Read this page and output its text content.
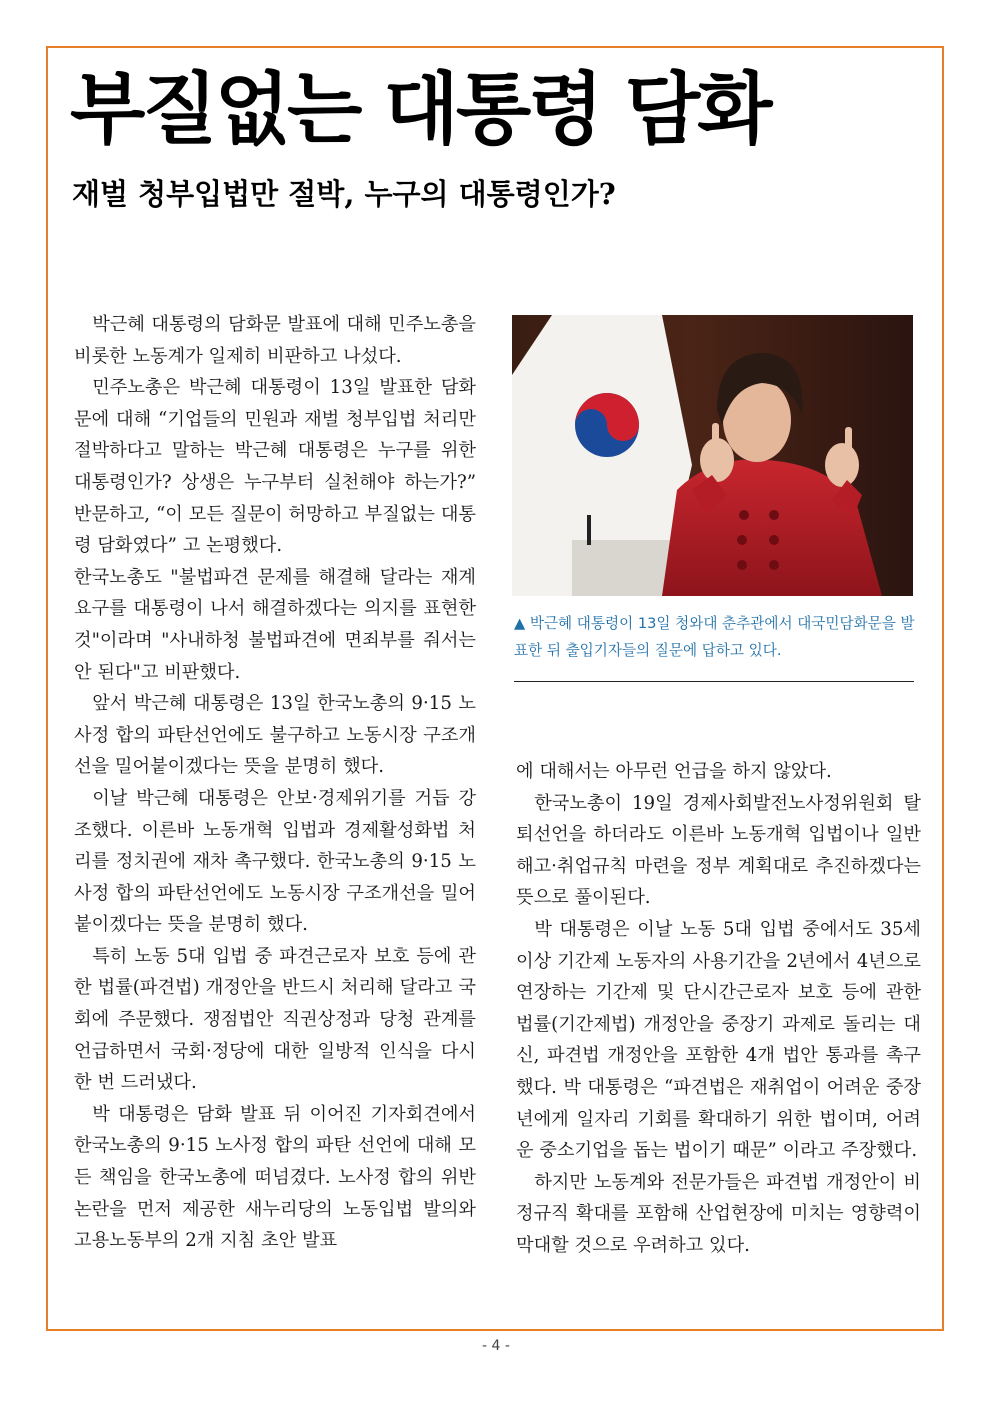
부질없는 대통령 담화
재벌 청부입법만 절박, 누구의 대통령인가?

박근혜 대통령의 담화문 발표에 대해 민주노총을 비롯한 노동계가 일제히 비판하고 나섰다.

민주노총은 박근혜 대통령이 13일 발표한 담화문에 대해 “기업들의 민원과 재벌 청부입법 처리만 절박하다고 말하는 박근혜 대통령은 누구를 위한 대통령인가? 상생은 누구부터 실천해야 하는가?” 반문하고, “이 모든 질문이 허망하고 부질없는 대통령 담화였다” 고 논평했다.

한국노총도 "불법파견 문제를 해결해 달라는 재계 요구를 대통령이 나서 해결하겠다는 의지를 표현한 것"이라며 "사내하청 불법파견에 면죄부를 줘서는 안 된다"고 비판했다.

앞서 박근혜 대통령은 13일 한국노총의 9·15 노사정 합의 파탄선언에도 불구하고 노동시장 구조개선을 밀어붙이겠다는 뜻을 분명히 했다.

이날 박근혜 대통령은 안보·경제위기를 거듭 강조했다. 이른바 노동개혁 입법과 경제활성화법 처리를 정치권에 재차 촉구했다. 한국노총의 9·15 노사정 합의 파탄선언에도 노동시장 구조개선을 밀어붙이겠다는 뜻을 분명히 했다.

특히 노동 5대 입법 중 파견근로자 보호 등에 관한 법률(파견법) 개정안을 반드시 처리해 달라고 국회에 주문했다. 쟁점법안 직권상정과 당청 관계를 언급하면서 국회·정당에 대한 일방적 인식을 다시 한 번 드러냈다.

박 대통령은 담화 발표 뒤 이어진 기자회견에서 한국노총의 9·15 노사정 합의 파탄 선언에 대해 모든 책임을 한국노총에 떠넘겼다. 노사정 합의 위반 논란을 먼저 제공한 새누리당의 노동입법 발의와 고용노동부의 2개 지침 초안 발표

▲ 박근혜 대통령이 13일 청와대 춘추관에서 대국민담화문을 발표한 뒤 출입기자들의 질문에 답하고 있다.

에 대해서는 아무런 언급을 하지 않았다.

한국노총이 19일 경제사회발전노사정위원회 탈퇴선언을 하더라도 이른바 노동개혁 입법이나 일반해고·취업규칙 마련을 정부 계획대로 추진하겠다는 뜻으로 풀이된다.

박 대통령은 이날 노동 5대 입법 중에서도 35세 이상 기간제 노동자의 사용기간을 2년에서 4년으로 연장하는 기간제 및 단시간근로자 보호 등에 관한 법률(기간제법) 개정안을 중장기 과제로 돌리는 대신, 파견법 개정안을 포함한 4개 법안 통과를 촉구했다. 박 대통령은 “파견법은 재취업이 어려운 중장년에게 일자리 기회를 확대하기 위한 법이며, 어려운 중소기업을 돕는 법이기 때문” 이라고 주장했다.

하지만 노동계와 전문가들은 파견법 개정안이 비정규직 확대를 포함해 산업현장에 미치는 영향력이 막대할 것으로 우려하고 있다.

- 4 -
